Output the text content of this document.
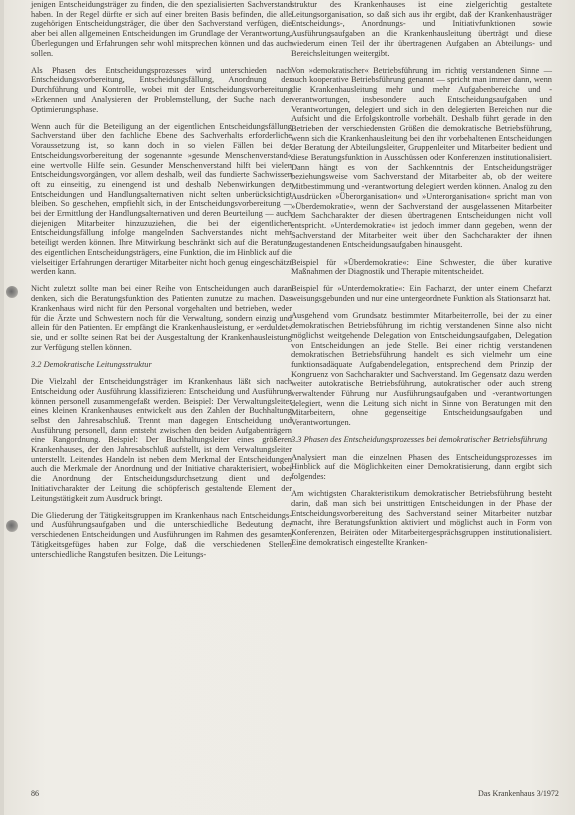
jenigen Entscheidungsträger zu finden, die den spezialisierten Sachverstand haben. In der Regel dürfte er sich auf einer breiten Basis befinden, die alle zugehörigen Entscheidungsträger, die über den Sachverstand verfügen, die aber bei allen allgemeinen Entscheidungen im Grundlage der Verantwortung, Überlegungen und Erfahrungen sehr wohl mitsprechen können und das auch sollen.

Als Phasen des Entscheidungsprozesses wird unterschieden nach Entscheidungsvorbereitung, Entscheidungsfällung, Anordnung der Durchführung und Kontrolle, wobei mit der Entscheidungsvorbereitung »Erkennen und Analysieren der Problemstellung, der Suche nach der Optimierungsphase.

Wenn auch für die Beteiligung an der eigentlichen Entscheidungsfällung Sachverstand über den fachliche Ebene des Sachverhalts erforderliche Voraussetzung ist, so kann doch in so vielen Fällen bei der Entscheidungsvorbereitung der sogenannte »gesunde Menschenverstand« eine wertvolle Hilfe sein. Gesunder Menschenverstand hilft bei vielen Entscheidungsvorgängen, vor allem deshalb, weil das fundierte Sachwissen oft zu einseitig, zu einengend ist und deshalb Nebenwirkungen der Entscheidungen und Handlungsalternativen nicht selten unberücksichtigt bleiben. So geschehen, empfiehlt sich, in der Entscheidungsvorbereitung — bei der Ermittlung der Handlungsalternativen und deren Beurteilung — auch diejenigen Mitarbeiter hinzuzuziehen, die bei der eigentlichen Entscheidungsfällung infolge mangelnden Sachverstandes nicht mehr beteiligt werden können. Ihre Mitwirkung beschränkt sich auf die Beratung des eigentlichen Entscheidungsträgers, eine Funktion, die im Hinblick auf die vielseitiger Erfahrungen derartiger Mitarbeiter nicht hoch genug eingeschätzt werden kann.

Nicht zuletzt sollte man bei einer Reihe von Entscheidungen auch daran denken, sich die Beratungsfunktion des Patienten zunutze zu machen. Das Krankenhaus wird nicht für den Personal vorgehalten und betrieben, weder für die Ärzte und Schwestern noch für die Verwaltung, sondern einzig und allein für den Patienten. Er empfängt die Krankenhausleistung, er »erduldet« sie, und er sollte seinen Rat bei der Ausgestaltung der Krankenhausleistung zur Verfügung stellen können.

3.2 Demokratische Leitungsstruktur

Die Vielzahl der Entscheidungsträger im Krankenhaus läßt sich nach Entscheidung oder Ausführung klassifizieren: Entscheidung und Ausführung können personell zusammengefaßt werden. Beispiel: Der Verwaltungsleiter eines kleinen Krankenhauses entwickelt aus den Zahlen der Buchhaltung selbst den Jahresabschluß. Trennt man dagegen Entscheidung und Ausführung personell, dann entsteht zwischen den beiden Aufgabenträgern eine Rangordnung. Beispiel: Der Buchhaltungsleiter eines größeren Krankenhauses, der den Jahresabschluß aufstellt, ist dem Verwaltungsleiter unterstellt. Leitendes Handeln ist neben dem Merkmal der Entscheidungen auch die Merkmale der Anordnung und der Initiative charakterisiert, wobei die Anordnung der Entscheidungsdurchsetzung dient und der Initiativcharakter der Leitung die schöpferisch gestaltende Element der Leitungstätigkeit zum Ausdruck bringt.

Die Gliederung der Tätigkeitsgruppen im Krankenhaus nach Entscheidungs- und Ausführungsaufgaben und die unterschiedliche Bedeutung der verschiedenen Entscheidungen und Ausführungen im Rahmen des gesamten Tätigkeitsgefüges haben zur Folge, daß die verschiedenen Stellen unterschiedliche Rangstufen besitzen. Die Leitungs-

struktur des Krankenhauses ist eine zielgerichtig gestaltete Leitungsorganisation, so daß sich aus ihr ergibt, daß der Krankenhausträger Entscheidungs-, Anordnungs- und Initiativfunktionen sowie Ausführungsaufgaben an die Krankenhausleitung überträgt und diese wiederum einen Teil der ihr übertragenen Aufgaben an Abteilungs- und Bereichsleitungen weitergibt.

Von »demokratischer« Betriebsführung im richtig verstandenen Sinne — auch kooperative Betriebsführung genannt — spricht man immer dann, wenn die Krankenhausleitung mehr und mehr Aufgabenbereiche und -verantwortungen, insbesondere auch Entscheidungsaufgaben und Verantwortungen, delegiert und sich in den delegierten Bereichen nur die Aufsicht und die Erfolgskontrolle vorbehält. Deshalb führt gerade in den Betrieben der verschiedensten Größen die demokratische Betriebsführung, wenn sich die Krankenhausleitung bei den ihr vorbehaltenen Entscheidungen der Beratung der Abteilungsleiter, Gruppenleiter und Mitarbeiter bedient und diese Beratungsfunktion in Ausschüssen oder Konferenzen institutionalisiert. Dann hängt es von der Sachkenntnis der Entscheidungsträger beziehungsweise vom Sachverstand der Mitarbeiter ab, ob der weitere Mitbestimmung und -verantwortung delegiert werden können. Analog zu den Ausdrücken »Überorganisation« und »Unterorganisation« spricht man von »Überdemokratie«, wenn der Sachverstand der ausgelassenen Mitarbeiter dem Sachcharakter der diesen übertragenen Entscheidungen nicht voll entspricht. »Unterdemokratie« ist jedoch immer dann gegeben, wenn der Sachverstand der Mitarbeiter weit über den Sachcharakter der ihnen zugestandenen Entscheidungsaufgaben hinausgeht.

Beispiel für »Überdemokratie«: Eine Schwester, die über kurative Maßnahmen der Diagnostik und Therapie mitentscheidet.

Beispiel für »Unterdemokratie«: Ein Facharzt, der unter einem Chefarzt weisungsgebunden und nur eine untergeordnete Funktion als Stationsarzt hat.

Ausgehend vom Grundsatz bestimmter Mitarbeiterrolle, bei der zu einer demokratischen Betriebsführung im richtig verstandenen Sinne also nicht möglichst weitgehende Delegation von Entscheidungsaufgaben, Delegation von Entscheidungen an jede Stelle. Bei einer richtig verstandenen demokratischen Betriebsführung handelt es sich vielmehr um eine funktionsadäquate Aufgabendelegation, entsprechend dem Prinzip der Kongruenz von Sachcharakter und Sachverstand. Im Gegensatz dazu werden weiter autokratische Betriebsführung, autokratischer oder auch streng verwaltender Führung nur Ausführungsaufgaben und -verantwortungen delegiert, wenn die Leitung sich nicht in Sinne von Beratungen mit den Mitarbeitern, ohne gegenseitige Entscheidungsaufgaben und Verantwortungen.

3.3 Phasen des Entscheidungsprozesses bei demokratischer Betriebsführung

Analysiert man die einzelnen Phasen des Entscheidungsprozesses im Hinblick auf die Möglichkeiten einer Demokratisierung, dann ergibt sich folgendes:

Am wichtigsten Charakteristikum demokratischer Betriebsführung besteht darin, daß man sich bei unstrittigen Entscheidungen in der Phase der Entscheidungsvorbereitung des Sachverstand seiner Mitarbeiter nutzbar macht, ihre Beratungsfunktion aktiviert und möglichst auch in Form von Konferenzen, Beiräten oder Mitarbeitergesprächsgruppen institutionalisiert. Eine demokratisch eingestellte Kranken-

86	Das Krankenhaus 3/1972
